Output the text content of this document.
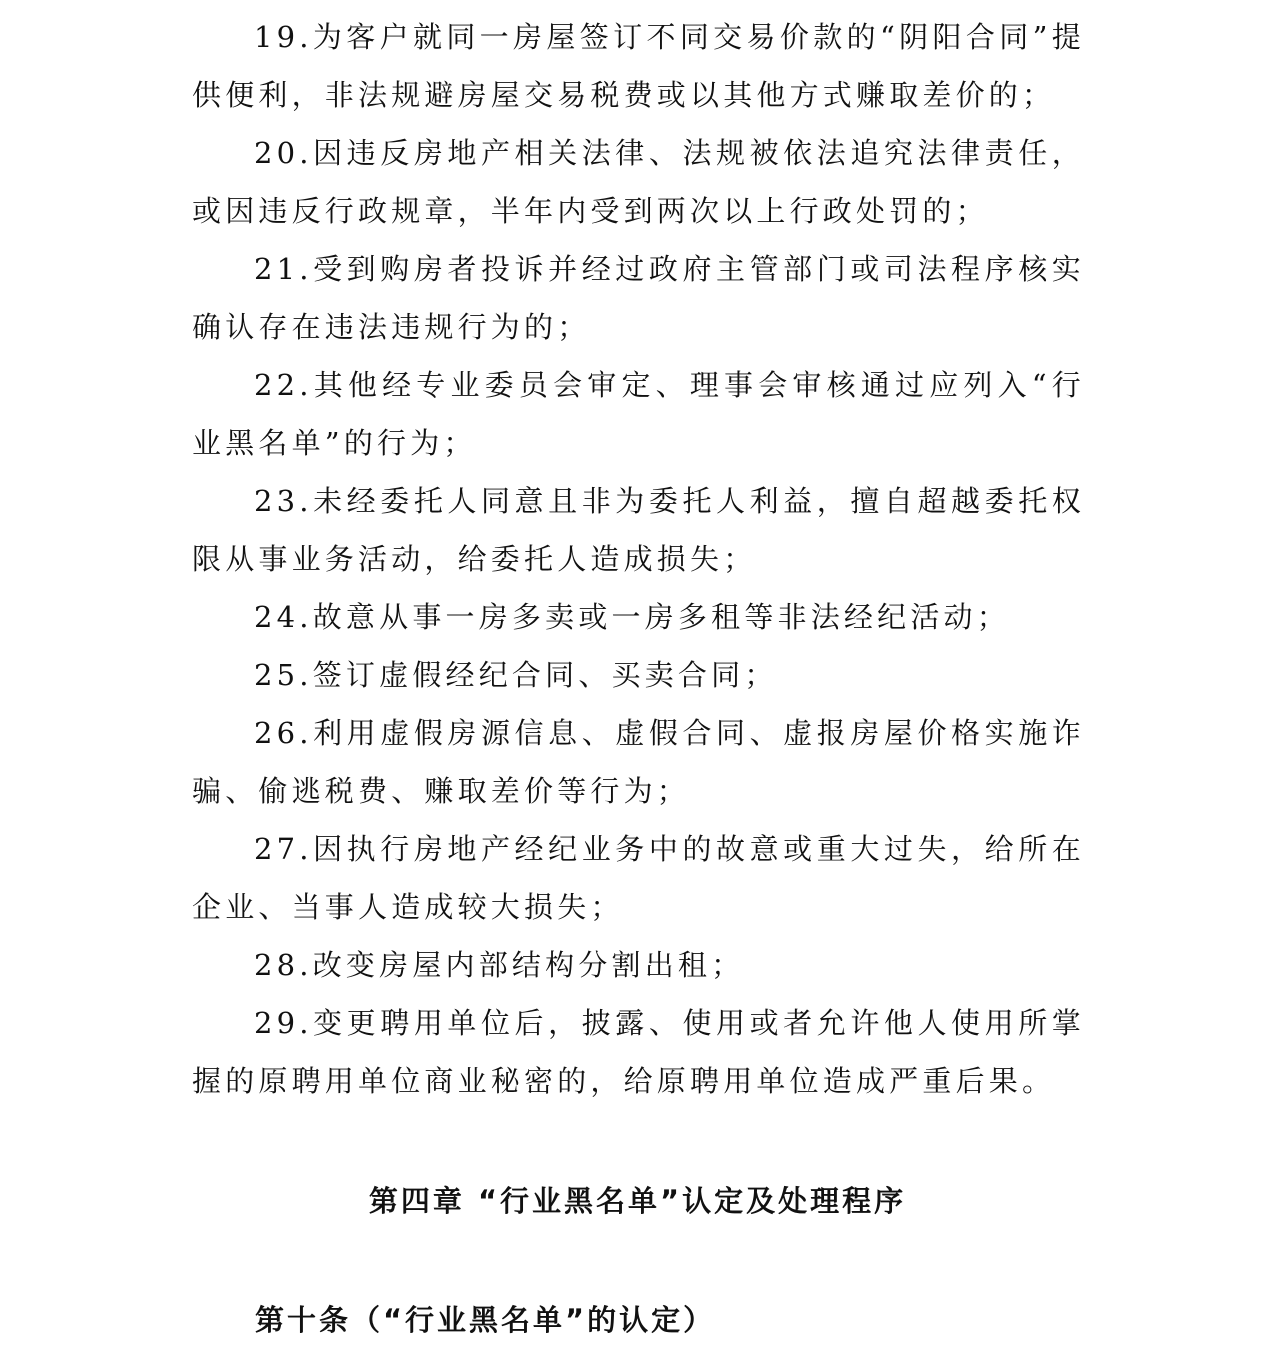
19.为客户就同一房屋签订不同交易价款的“阴阳合同”提供便利，非法规避房屋交易税费或以其他方式赚取差价的；

20.因违反房地产相关法律、法规被依法追究法律责任，或因违反行政规章，半年内受到两次以上行政处罚的；

21.受到购房者投诉并经过政府主管部门或司法程序核实确认存在违法违规行为的；

22.其他经专业委员会审定、理事会审核通过应列入“行业黑名单”的行为；

23.未经委托人同意且非为委托人利益，擅自超越委托权限从事业务活动，给委托人造成损失；

24.故意从事一房多卖或一房多租等非法经纪活动；

25.签订虚假经纪合同、买卖合同；

26.利用虚假房源信息、虚假合同、虚报房屋价格实施诈骗、偷逃税费、赚取差价等行为；

27.因执行房地产经纪业务中的故意或重大过失，给所在企业、当事人造成较大损失；

28.改变房屋内部结构分割出租；

29.变更聘用单位后，披露、使用或者允许他人使用所掌握的原聘用单位商业秘密的，给原聘用单位造成严重后果。

第四章 “行业黑名单”认定及处理程序
第十条（“行业黑名单”的认定）
